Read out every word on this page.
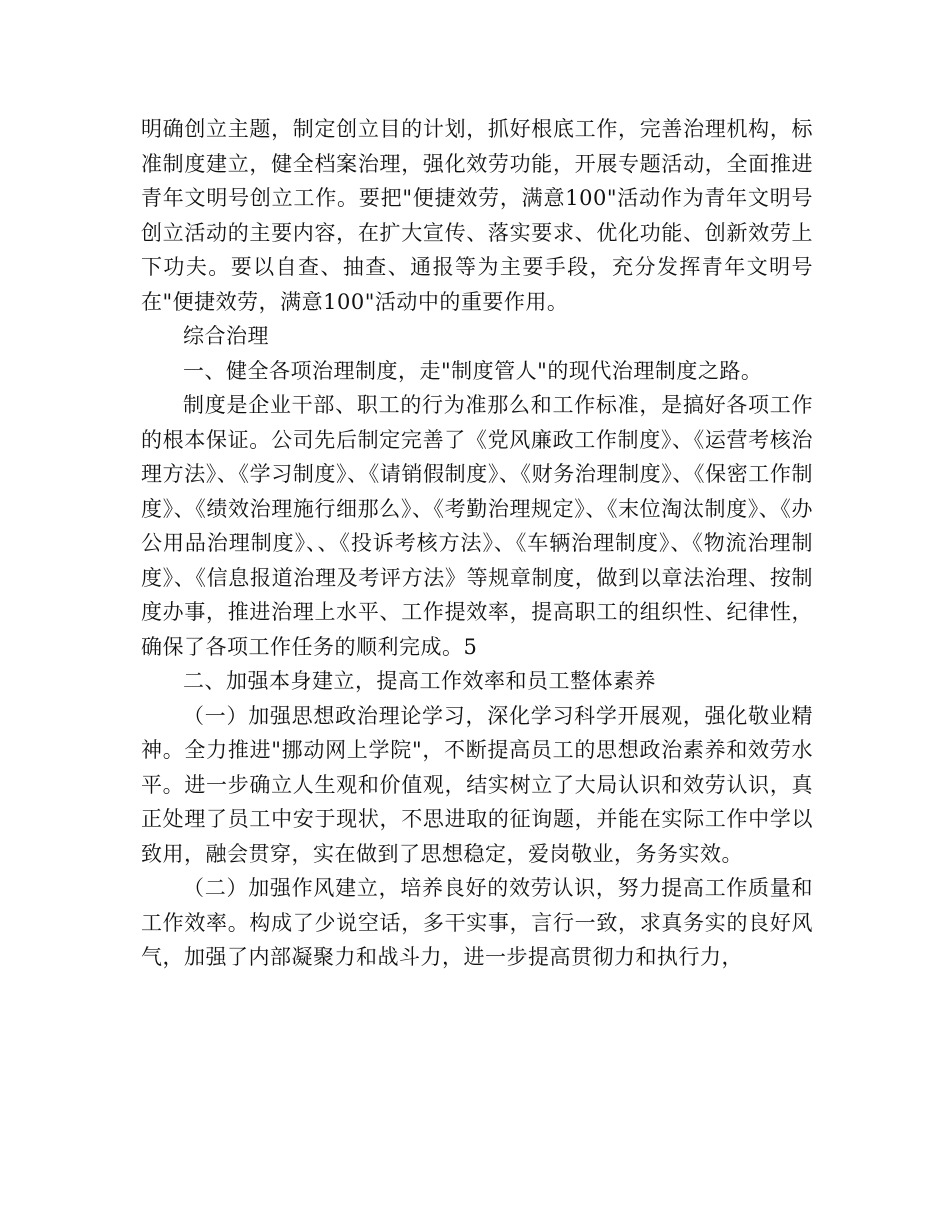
明确创立主题，制定创立目的计划，抓好根底工作，完善治理机构，标准制度建立，健全档案治理，强化效劳功能，开展专题活动，全面推进青年文明号创立工作。要把"便捷效劳，满意100"活动作为青年文明号创立活动的主要内容，在扩大宣传、落实要求、优化功能、创新效劳上下功夫。要以自查、抽查、通报等为主要手段，充分发挥青年文明号在"便捷效劳，满意100"活动中的重要作用。

综合治理

一、健全各项治理制度，走"制度管人"的现代治理制度之路。

制度是企业干部、职工的行为准那么和工作标准，是搞好各项工作的根本保证。公司先后制定完善了《党风廉政工作制度》、《运营考核治理方法》、《学习制度》、《请销假制度》、《财务治理制度》、《保密工作制度》、《绩效治理施行细那么》、《考勤治理规定》、《末位淘汰制度》、《办公用品治理制度》、、《投诉考核方法》、《车辆治理制度》、《物流治理制度》、《信息报道治理及考评方法》等规章制度，做到以章法治理、按制度办事，推进治理上水平、工作提效率，提高职工的组织性、纪律性，确保了各项工作任务的顺利完成。5

二、加强本身建立，提高工作效率和员工整体素养

（一）加强思想政治理论学习，深化学习科学开展观，强化敬业精神。全力推进"挪动网上学院"，不断提高员工的思想政治素养和效劳水平。进一步确立人生观和价值观，结实树立了大局认识和效劳认识，真正处理了员工中安于现状，不思进取的征询题，并能在实际工作中学以致用，融会贯穿，实在做到了思想稳定，爱岗敬业，务务实效。

（二）加强作风建立，培养良好的效劳认识，努力提高工作质量和工作效率。构成了少说空话，多干实事，言行一致，求真务实的良好风气，加强了内部凝聚力和战斗力，进一步提高贯彻力和执行力，
